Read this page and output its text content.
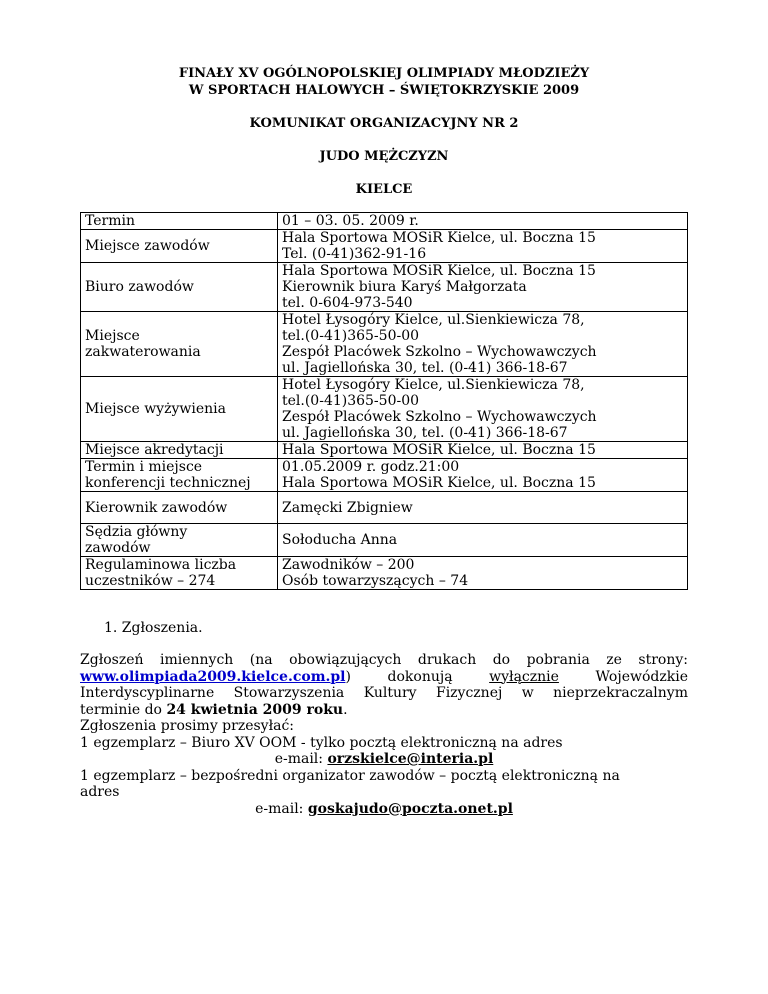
FINAŁY XV OGÓLNOPOLSKIEJ OLIMPIADY MŁODZIEŻY
W SPORTACH HALOWYCH – ŚWIĘTOKRZYSKIE 2009
KOMUNIKAT ORGANIZACYJNY NR 2
JUDO MĘŻCZYZN
KIELCE
Termin	01 – 03. 05. 2009 r.
Miejsce zawodów	Hala Sportowa MOSiR Kielce, ul. Boczna 15
Tel. (0-41)362-91-16

Biuro zawodów	Hala Sportowa MOSiR Kielce, ul. Boczna 15
Kierownik biura Karyś Małgorzata
tel. 0-604-973-540

Miejsce
zakwaterowania	Hotel Łysogóry Kielce, ul.Sienkiewicza 78,
tel.(0-41)365-50-00
Zespół Placówek Szkolno – Wychowawczych
ul. Jagiellońska 30, tel. (0-41) 366-18-67

Miejsce wyżywienia	Hotel Łysogóry Kielce, ul.Sienkiewicza 78,
tel.(0-41)365-50-00
Zespół Placówek Szkolno – Wychowawczych
ul. Jagiellońska 30, tel. (0-41) 366-18-67

Miejsce akredytacji	Hala Sportowa MOSiR Kielce, ul. Boczna 15

Termin i miejsce
konferencji technicznej	01.05.2009 r. godz.21:00
Hala Sportowa MOSiR Kielce, ul. Boczna 15

Kierownik zawodów	Zamęcki Zbigniew

Sędzia główny
zawodów	Sołoducha Anna

Regulaminowa liczba
uczestników – 274	Zawodników – 200
Osób towarzyszących – 74
1. Zgłoszenia.
Zgłoszeń imiennych (na obowiązujących drukach do pobrania ze strony:
www.olimpiada2009.kielce.com.pl) dokonują wyłącznie Wojewódzkie
Interdyscyplinarne Stowarzyszenia Kultury Fizycznej w nieprzekraczalnym
terminie do 24 kwietnia 2009 roku.
Zgłoszenia prosimy przesyłać:
1 egzemplarz – Biuro XV OOM - tylko pocztą elektroniczną na adres
e-mail: orzskielce@interia.pl
1 egzemplarz – bezpośredni organizator zawodów – pocztą elektroniczną na
adres
e-mail: goskajudo@poczta.onet.pl
